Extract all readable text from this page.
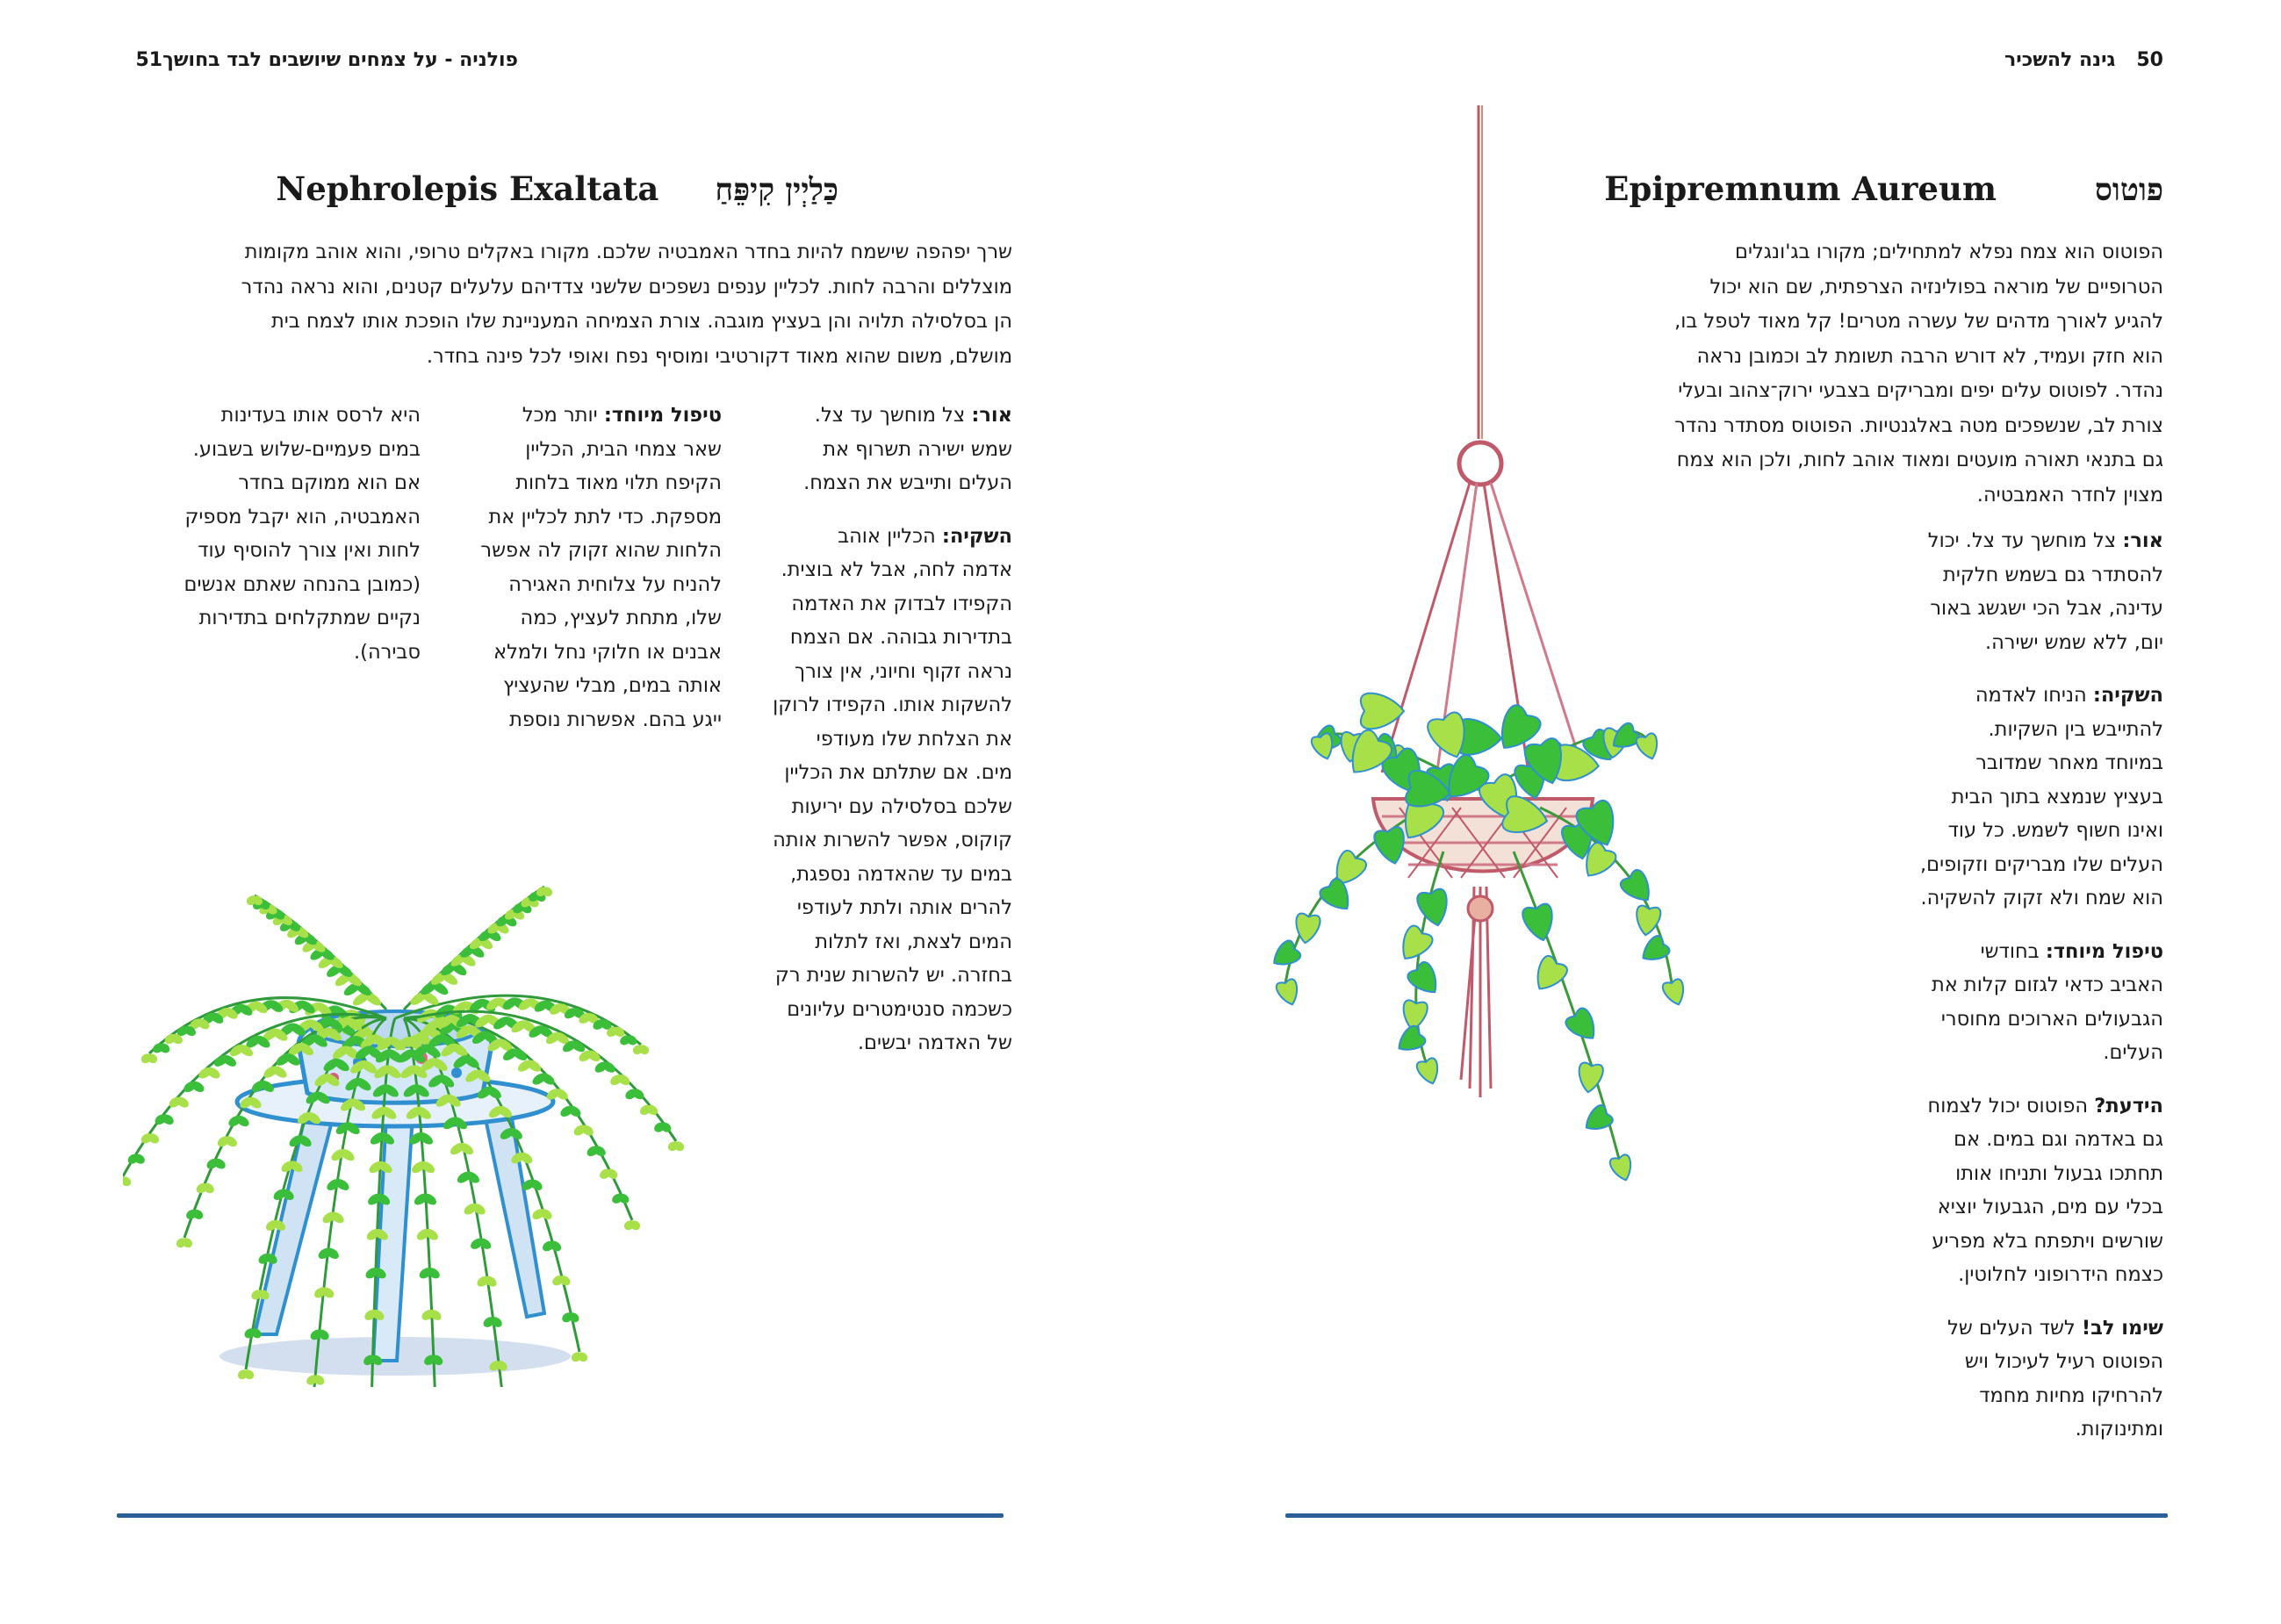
פולניה - על צמחים שיושבים לבד בחושך51
Nephrolepis Exaltata כַּלַיְין קִיפֵּחַ
שרך יפהפה שישמח להיות בחדר האמבטיה שלכם. מקורו באקלים טרופי, והוא אוהב מקומות
מוצללים והרבה לחות. לכליין ענפים נשפכים שלשני צדדיהם עלעלים קטנים, והוא נראה נהדר
הן בסלסילה תלויה והן בעציץ מוגבה. צורת הצמיחה המעניינת שלו הופכת אותו לצמח בית
מושלם, משום שהוא מאוד דקורטיבי ומוסיף נפח ואופי לכל פינה בחדר.

אור: צל מוחשך עד צל.
שמש ישירה תשרוף את
העלים ותייבש את הצמח.

השקיה: הכליין אוהב
אדמה לחה, אבל לא בוצית.
הקפידו לבדוק את האדמה
בתדירות גבוהה. אם הצמח
נראה זקוף וחיוני, אין צורך
להשקות אותו. הקפידו לרוקן
את הצלחת שלו מעודפי
מים. אם שתלתם את הכליין
שלכם בסלסילה עם יריעות
קוקוס, אפשר להשרות אותה
במים עד שהאדמה נספגת,
להרים אותה ולתת לעודפי
המים לצאת, ואז לתלות
בחזרה. יש להשרות שנית רק
כשכמה סנטימטרים עליונים
של האדמה יבשים.

טיפול מיוחד: יותר מכל
שאר צמחי הבית, הכליין
הקיפח תלוי מאוד בלחות
מספקת. כדי לתת לכליין את
הלחות שהוא זקוק לה אפשר
להניח על צלוחית האגירה
שלו, מתחת לעציץ, כמה
אבנים או חלוקי נחל ולמלא
אותה במים, מבלי שהעציץ
ייגע בהם. אפשרות נוספת

היא לרסס אותו בעדינות
במים פעמיים-שלוש בשבוע.
אם הוא ממוקם בחדר
האמבטיה, הוא יקבל מספיק
לחות ואין צורך להוסיף עוד
(כמובן בהנחה שאתם אנשים
נקיים שמתקלחים בתדירות
סבירה).

50גינה להשכיר
Epipremnum Aureum	פוטוס
הפוטוס הוא צמח נפלא למתחילים; מקורו בג'ונגלים
הטרופיים של מוראה בפולינזיה הצרפתית, שם הוא יכול
להגיע לאורך מדהים של עשרה מטרים! קל מאוד לטפל בו,
הוא חזק ועמיד, לא דורש הרבה תשומת לב וכמובן נראה
נהדר. לפוטוס עלים יפים ומבריקים בצבעי ירוק־צהוב ובעלי
צורת לב, שנשפכים מטה באלגנטיות. הפוטוס מסתדר נהדר
גם בתנאי תאורה מועטים ומאוד אוהב לחות, ולכן הוא צמח
מצוין לחדר האמבטיה.

אור: צל מוחשך עד צל. יכול
להסתדר גם בשמש חלקית
עדינה, אבל הכי ישגשג באור
יום, ללא שמש ישירה.

השקיה: הניחו לאדמה
להתייבש בין השקיות.
במיוחד מאחר שמדובר
בעציץ שנמצא בתוך הבית
ואינו חשוף לשמש. כל עוד
העלים שלו מבריקים וזקופים,
הוא שמח ולא זקוק להשקיה.

טיפול מיוחד: בחודשי
האביב כדאי לגזום קלות את
הגבעולים הארוכים מחוסרי
העלים.

הידעת? הפוטוס יכול לצמוח
גם באדמה וגם במים. אם
תחתכו גבעול ותניחו אותו
בכלי עם מים, הגבעול יוציא
שורשים ויתפתח בלא מפריע
כצמח הידרופוני לחלוטין.

שימו לב! לשד העלים של
הפוטוס רעיל לעיכול ויש
להרחיקו מחיות מחמד
ומתינוקות.
